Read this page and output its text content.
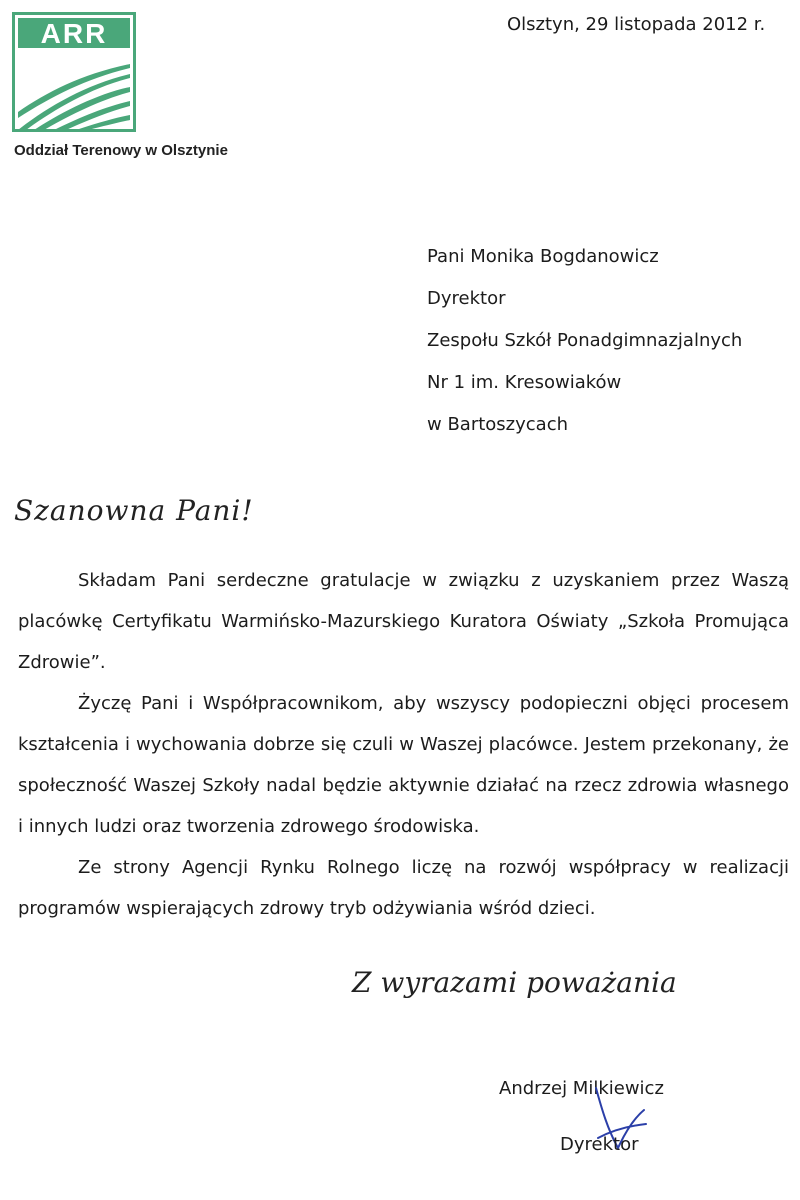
ARR
Oddział Terenowy w Olsztynie
Olsztyn, 29 listopada 2012 r.
Pani Monika Bogdanowicz
Dyrektor
Zespołu Szkół Ponadgimnazjalnych
Nr 1 im. Kresowiaków
w Bartoszycach
Szanowna Pani!

Składam Pani serdeczne gratulacje w związku z uzyskaniem przez Waszą placówkę Certyfikatu Warmińsko-Mazurskiego Kuratora Oświaty „Szkoła Promująca Zdrowie”.

Życzę Pani i Współpracownikom, aby wszyscy podopieczni objęci procesem kształcenia i wychowania dobrze się czuli w Waszej placówce. Jestem przekonany, że społeczność Waszej Szkoły nadal będzie aktywnie działać na rzecz zdrowia własnego i innych ludzi oraz tworzenia zdrowego środowiska.

Ze strony Agencji Rynku Rolnego liczę na rozwój współpracy w realizacji programów wspierających zdrowy tryb odżywiania wśród dzieci.

Z wyrazami poważania
Andrzej Milkiewicz
Dyrektor
